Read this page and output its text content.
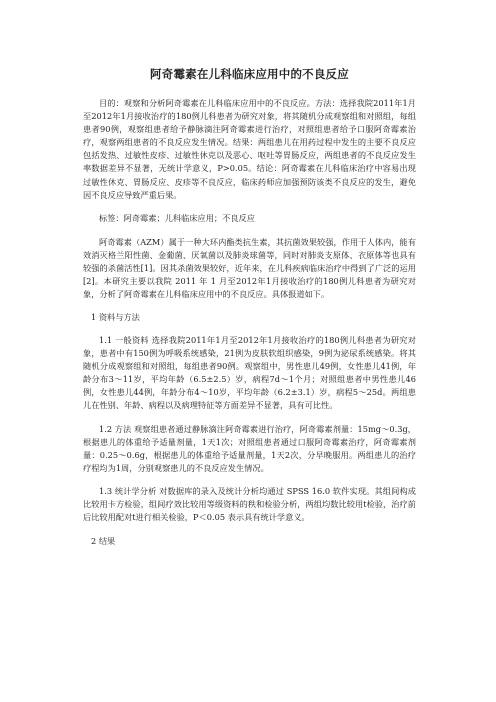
阿奇霉素在儿科临床应用中的不良反应

目的：观察和分析阿奇霉素在儿科临床应用中的不良反应。方法：选择我院2011年1月至2012年1月接收治疗的180例儿科患者为研究对象，将其随机分成观察组和对照组，每组患者90例，观察组患者给予静脉滴注阿奇霉素进行治疗，对照组患者给予口服阿奇霉素治疗，观察两组患者的不良反应发生情况。结果：两组患儿在用药过程中发生的主要不良反应包括发热、过敏性皮疹、过敏性休克以及恶心、呕吐等胃肠反应，两组患者的不良反应发生率数据差异不显著，无统计学意义，P>0.05。结论：阿奇霉素在儿科临床治疗中容易出现过敏性休克、胃肠反应、皮疹等不良反应，临床药师应加强预防该类不良反应的发生，避免因不良反应导致严重后果。

标签：阿奇霉素；儿科临床应用；不良反应

阿奇霉素（AZM）属于一种大环内酯类抗生素，其抗菌效果较强，作用于人体内，能有效消灭格兰阳性菌、金葡菌、厌氧菌以及肺炎球菌等，同时对肺炎支原体、衣原体等也具有较强的杀菌活性[1]。因其杀菌效果较好，近年来，在儿科疾病临床治疗中得到了广泛的运用[2]。本研究主要以我院 2011 年 1 月至2012年1月接收治疗的180例儿科患者为研究对象，分析了阿奇霉素在儿科临床应用中的不良反应。具体报道如下。

1 资料与方法

1.1 一般资料 选择我院2011年1月至2012年1月接收治疗的180例儿科患者为研究对象，患者中有150例为呼吸系统感染，21例为皮肤软组织感染，9例为泌尿系统感染。将其随机分成观察组和对照组，每组患者90例。观察组中，男性患儿49例，女性患儿41例，年龄分布3～11岁，平均年龄（6.5±2.5）岁，病程7d～1个月；对照组患者中男性患儿46例，女性患儿44例，年龄分布4～10岁，平均年龄（6.2±3.1）岁，病程5～25d。两组患儿在性别、年龄、病程以及病理特征等方面差异不显著，具有可比性。

1.2 方法 观察组患者通过静脉滴注阿奇霉素进行治疗，阿奇霉素剂量：15mg～0.3g，根据患儿的体重给予适量剂量，1天1次；对照组患者通过口服阿奇霉素治疗，阿奇霉素剂量：0.25～0.6g，根据患儿的体重给予适量剂量，1天2次，分早晚服用。两组患儿的治疗疗程均为1周，分别观察患儿的不良反应发生情况。

1.3 统计学分析 对数据库的录入及统计分析均通过 SPSS 16.0 软件实现。其组间构成比较用卡方检验，组间疗效比较用等级资料的秩和检验分析，两组均数比较用t检验，治疗前后比较用配对t进行相关检验，P＜0.05 表示具有统计学意义。

2 结果
